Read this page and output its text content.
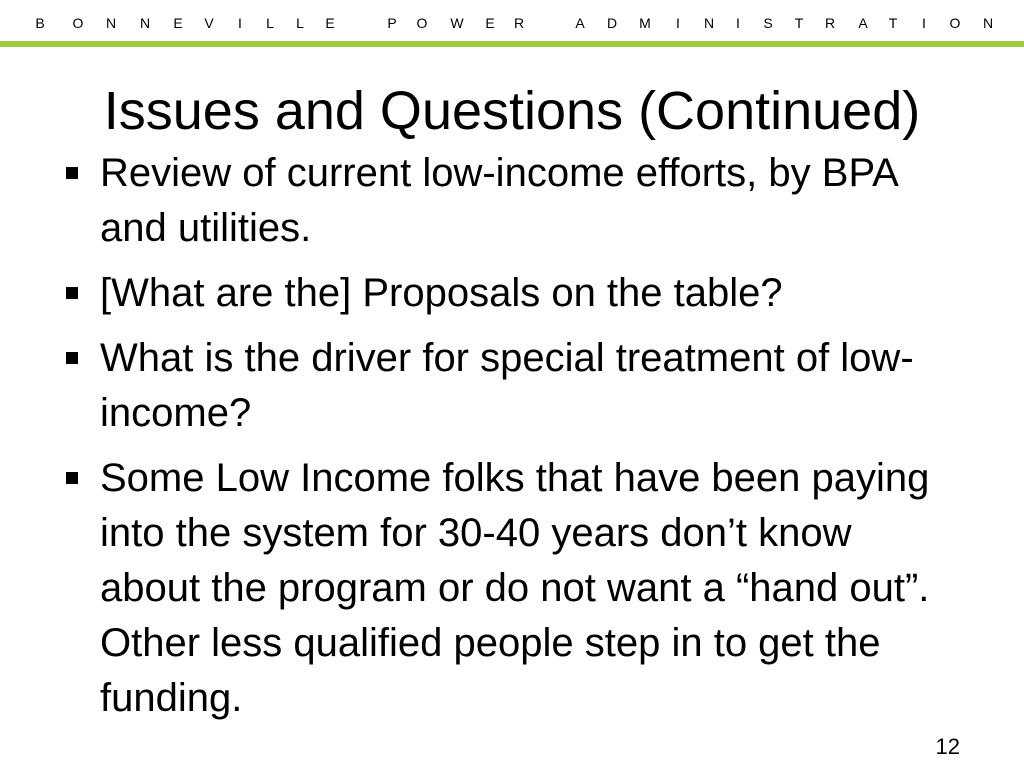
B	O	N	N	E	V	I	L	L	E	P	O	W	E	R	A	D	M	I	N	I	S	T	R	A	T	I	O	N
Issues and Questions (Continued)
Review of current low-income efforts, by BPA and utilities.
[What are the] Proposals on the table?
What is the driver for special treatment of low-income?
Some Low Income folks that have been paying into the system for 30-40 years don’t know about the program or do not want a “hand out”. Other less qualified people step in to get the funding.
12
